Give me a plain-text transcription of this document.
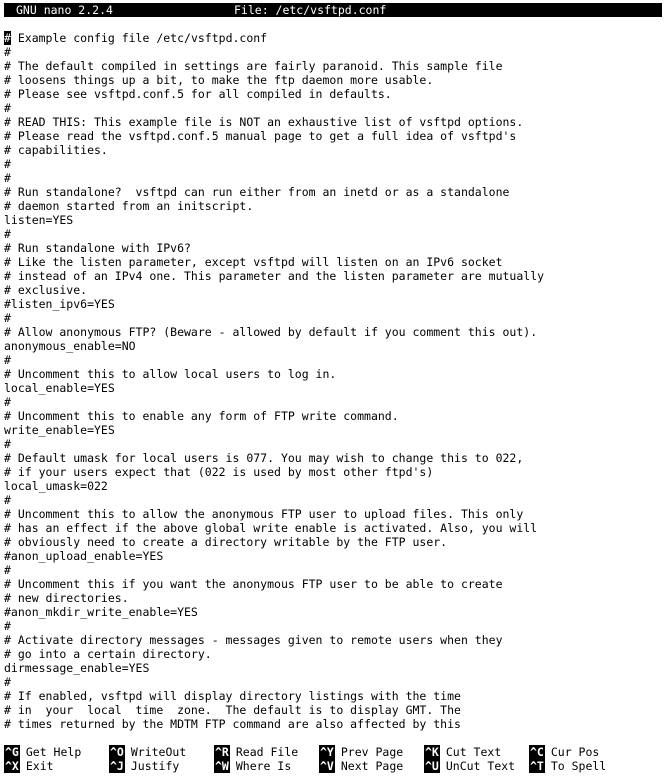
GNU nano 2.2.4

	File: /etc/vsftpd.conf

# Example config file /etc/vsftpd.conf
#
# The default compiled in settings are fairly paranoid. This sample file
# loosens things up a bit, to make the ftp daemon more usable.
# Please see vsftpd.conf.5 for all compiled in defaults.
#
# READ THIS: This example file is NOT an exhaustive list of vsftpd options.
# Please read the vsftpd.conf.5 manual page to get a full idea of vsftpd's
# capabilities.
#
#
# Run standalone?  vsftpd can run either from an inetd or as a standalone
# daemon started from an initscript.
listen=YES
#
# Run standalone with IPv6?
# Like the listen parameter, except vsftpd will listen on an IPv6 socket
# instead of an IPv4 one. This parameter and the listen parameter are mutually
# exclusive.
#listen_ipv6=YES
#
# Allow anonymous FTP? (Beware - allowed by default if you comment this out).
anonymous_enable=NO
#
# Uncomment this to allow local users to log in.
local_enable=YES
#
# Uncomment this to enable any form of FTP write command.
write_enable=YES
#
# Default umask for local users is 077. You may wish to change this to 022,
# if your users expect that (022 is used by most other ftpd's)
local_umask=022
#
# Uncomment this to allow the anonymous FTP user to upload files. This only
# has an effect if the above global write enable is activated. Also, you will
# obviously need to create a directory writable by the FTP user.
#anon_upload_enable=YES
#
# Uncomment this if you want the anonymous FTP user to be able to create
# new directories.
#anon_mkdir_write_enable=YES
#
# Activate directory messages - messages given to remote users when they
# go into a certain directory.
dirmessage_enable=YES
#
# If enabled, vsftpd will display directory listings with the time
# in  your  local  time  zone.  The default is to display GMT. The
# times returned by the MDTM FTP command are also affected by this
^G Get Help	^O WriteOut	^R Read File ^Y Prev Page ^K Cut Text	^C Cur Pos
^X Exit	^J Justify	^W Where Is	^V Next Page ^U UnCut Text ^T To Spell
